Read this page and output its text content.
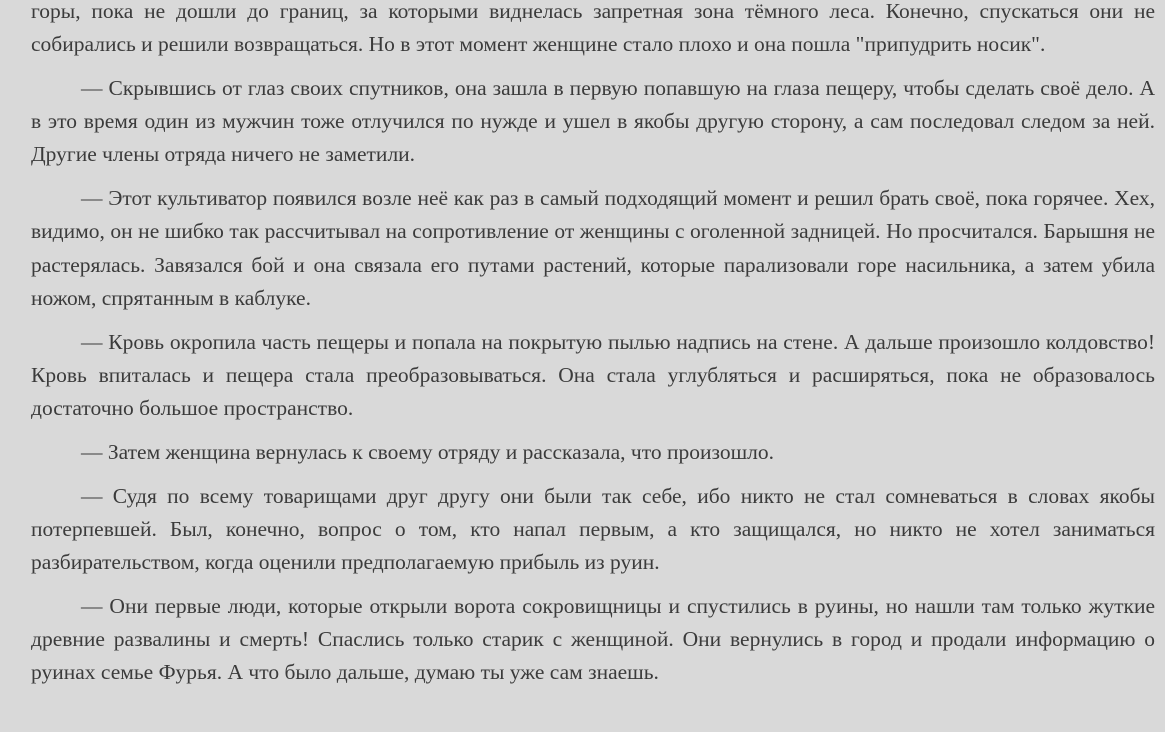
горы, пока не дошли до границ, за которыми виднелась запретная зона тёмного леса. Конечно, спускаться они не собирались и решили возвращаться. Но в этот момент женщине стало плохо и она пошла "припудрить носик".

— Скрывшись от глаз своих спутников, она зашла в первую попавшую на глаза пещеру, чтобы сделать своё дело. А в это время один из мужчин тоже отлучился по нужде и ушел в якобы другую сторону, а сам последовал следом за ней. Другие члены отряда ничего не заметили.

— Этот культиватор появился возле неё как раз в самый подходящий момент и решил брать своё, пока горячее. Хех, видимо, он не шибко так рассчитывал на сопротивление от женщины с оголенной задницей. Но просчитался. Барышня не растерялась. Завязался бой и она связала его путами растений, которые парализовали горе насильника, а затем убила ножом, спрятанным в каблуке.

— Кровь окропила часть пещеры и попала на покрытую пылью надпись на стене. А дальше произошло колдовство! Кровь впиталась и пещера стала преобразовываться. Она стала углубляться и расширяться, пока не образовалось достаточно большое пространство.

— Затем женщина вернулась к своему отряду и рассказала, что произошло.

— Судя по всему товарищами друг другу они были так себе, ибо никто не стал сомневаться в словах якобы потерпевшей. Был, конечно, вопрос о том, кто напал первым, а кто защищался, но никто не хотел заниматься разбирательством, когда оценили предполагаемую прибыль из руин.

— Они первые люди, которые открыли ворота сокровищницы и спустились в руины, но нашли там только жуткие древние развалины и смерть! Спаслись только старик с женщиной. Они вернулись в город и продали информацию о руинах семье Фурья. А что было дальше, думаю ты уже сам знаешь.
